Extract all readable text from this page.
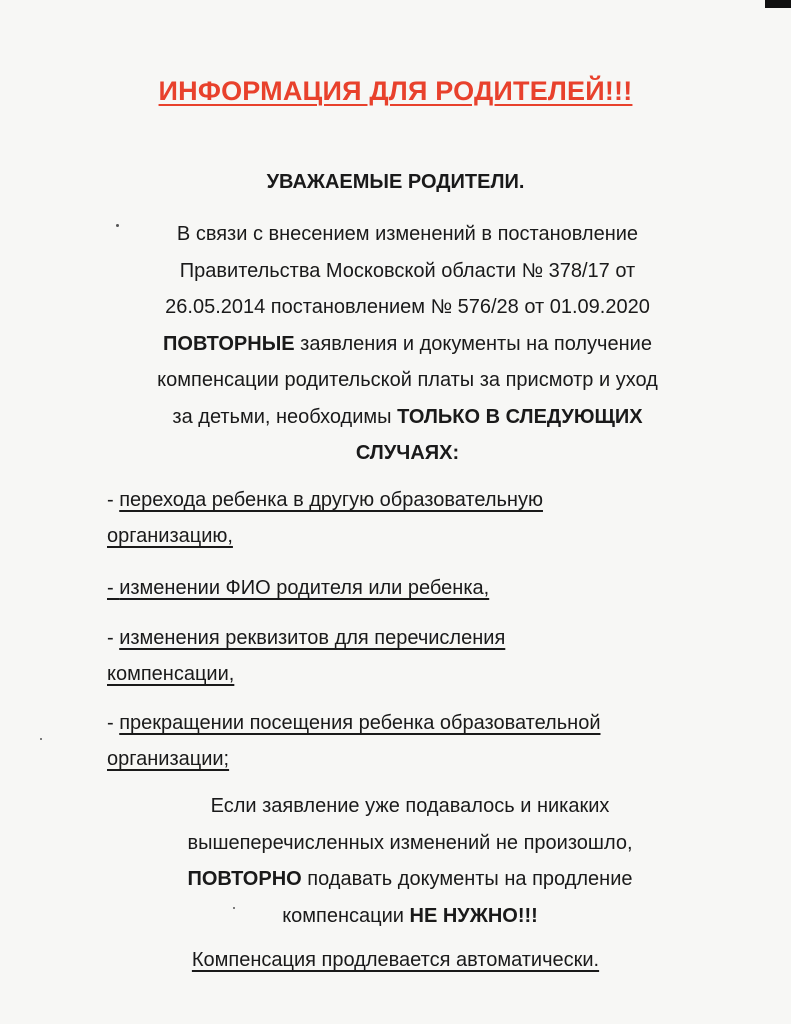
ИНФОРМАЦИЯ ДЛЯ РОДИТЕЛЕЙ!!!
УВАЖАЕМЫЕ РОДИТЕЛИ.
В связи с внесением изменений в постановление
Правительства Московской области № 378/17 от
26.05.2014 постановлением № 576/28 от 01.09.2020
ПОВТОРНЫЕ заявления и документы на получение
компенсации родительской платы за присмотр и уход
за детьми, необходимы ТОЛЬКО В СЛЕДУЮЩИХ
СЛУЧАЯХ:
- перехода ребенка в другую образовательную
организацию,
- изменении ФИО родителя или ребенка,
- изменения реквизитов для перечисления
компенсации,
- прекращении посещения ребенка образовательной
организации;
Если заявление уже подавалось и никаких
вышеперечисленных изменений не произошло,
ПОВТОРНО подавать документы на продление
компенсации НЕ НУЖНО!!!
Компенсация продлевается автоматически.
